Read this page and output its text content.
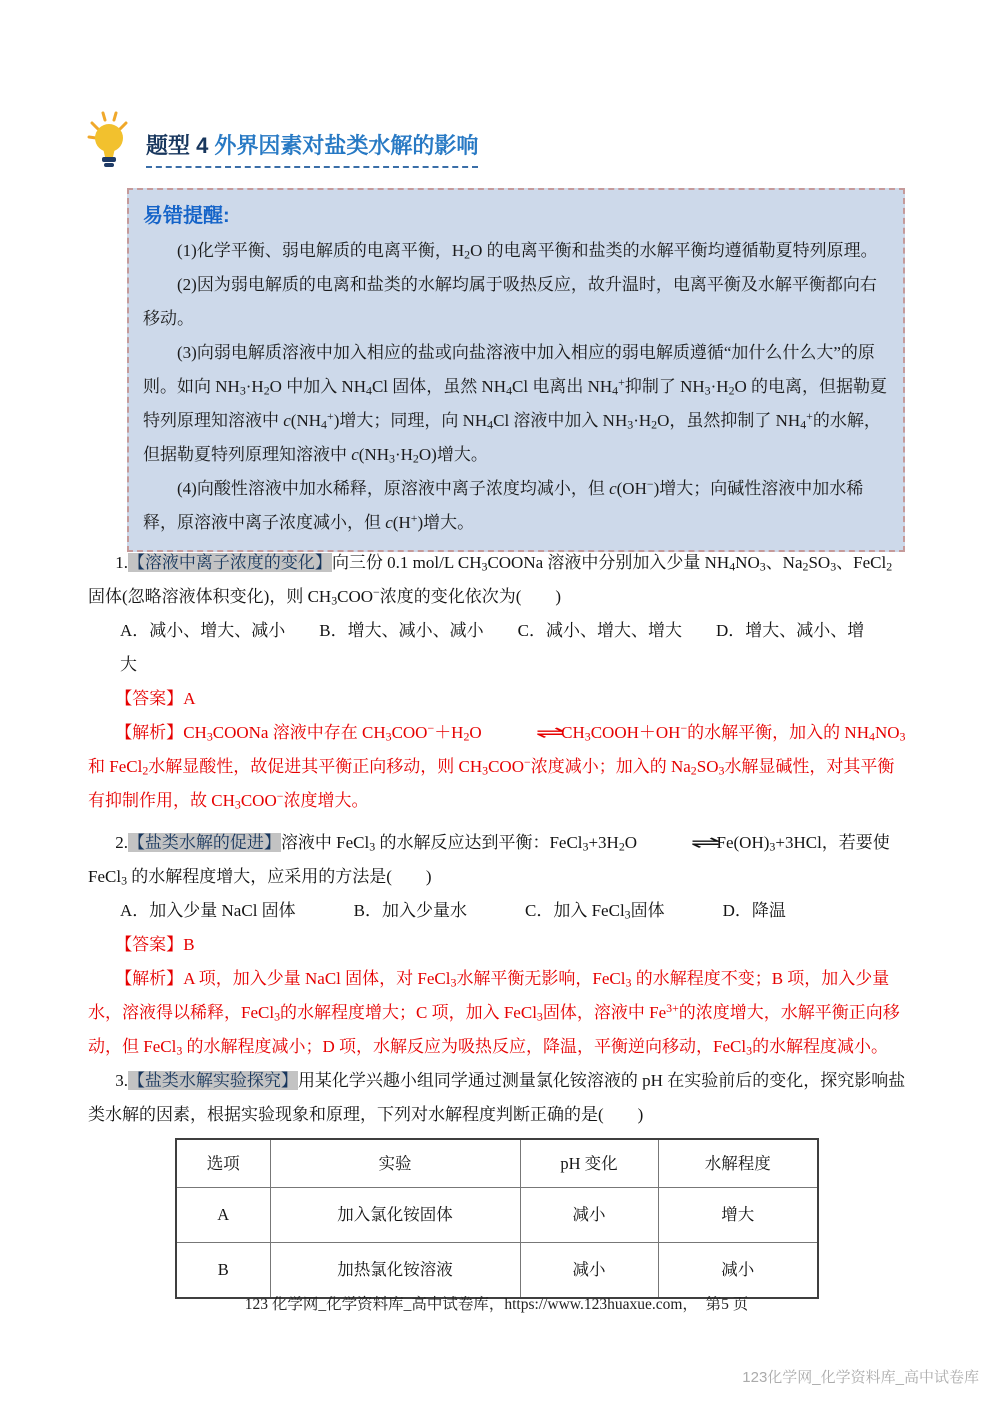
题型 4 外界因素对盐类水解的影响
易错提醒:

(1)化学平衡、弱电解质的电离平衡，$H_2O$ 的电离平衡和盐类的水解平衡均遵循勒夏特列原理。

(2)因为弱电解质的电离和盐类的水解均属于吸热反应，故升温时，电离平衡及水解平衡都向右移动。

(3)向弱电解质溶液中加入相应的盐或向盐溶液中加入相应的弱电解质遵循“加什么什么大”的原则。如向 $NH_3\cdot H_2O$ 中加入 $NH_4Cl$ 固体，虽然 $NH_4Cl$ 电离出 $NH_4^+$抑制了 $NH_3\cdot H_2O$ 的电离，但据勒夏特列原理知溶液中 $c(NH_4^+)$增大；同理，向 $NH_4Cl$ 溶液中加入 $NH_3\cdot H_2O$，虽然抑制了 $NH_4^+$的水解，但据勒夏特列原理知溶液中 $c(NH_3\cdot H_2O)$增大。

(4)向酸性溶液中加水稀释，原溶液中离子浓度均减小，但 c(OH−)增大；向碱性溶液中加水稀释，原溶液中离子浓度减小，但 c(H+)增大。

1.【溶液中离子浓度的变化】向三份 0.1 mol/L $CH_3COONa$ 溶液中分别加入少量 $NH_4NO_3$、$Na_2SO_3$、FeCl$_2$固体(忽略溶液体积变化)，则 $CH_3COO^-$浓度的变化依次为(　　)

A．减小、增大、减小 B．增大、减小、减小 C．减小、增大、增大 D．增大、减小、增大

【答案】A

【解析】$CH_3COONa$ 溶液中存在 $CH_3COO^-+H_2O$	$\rightleftharpoons CH_3COOH+OH^-$的水解平衡，加入的 $NH_4NO_3$和 FeCl$_2$水解显酸性，故促进其平衡正向移动，则 $CH_3COO^-$浓度减小；加入的 $Na_2SO_3$水解显碱性，对其平衡有抑制作用，故 $CH_3COO^-$浓度增大。

2.【盐类水解的促进】溶液中 FeCl$_3$ 的水解反应达到平衡：$FeCl_3+3H_2O$	$\rightleftharpoons Fe(OH)_3+3HCl$，若要使 FeCl$_3$ 的水解程度增大，应采用的方法是(　　)

A．加入少量 NaCl 固体	B．加入少量水	C．加入 FeCl$_3$固体	D．降温

【答案】B

【解析】A 项，加入少量 NaCl 固体，对 FeCl$_3$水解平衡无影响，FeCl$_3$ 的水解程度不变；B 项，加入少量水，溶液得以稀释，FeCl$_3$的水解程度增大；C 项，加入 FeCl$_3$固体，溶液中 $Fe^{3+}$的浓度增大，水解平衡正向移动，但 FeCl$_3$ 的水解程度减小；D 项，水解反应为吸热反应，降温，平衡逆向移动，FeCl$_3$的水解程度减小。

3.【盐类水解实验探究】用某化学兴趣小组同学通过测量氯化铵溶液的 pH 在实验前后的变化，探究影响盐类水解的因素，根据实验现象和原理，下列对水解程度判断正确的是(　　)

选项	实验	pH 变化	水解程度
A	加入氯化铵固体	减小	增大
B	加热氯化铵溶液	减小	减小
123 化学网_化学资料库_高中试卷库，https://www.123huaxue.com，　第5 页
123化学网_化学资料库_高中试卷库
